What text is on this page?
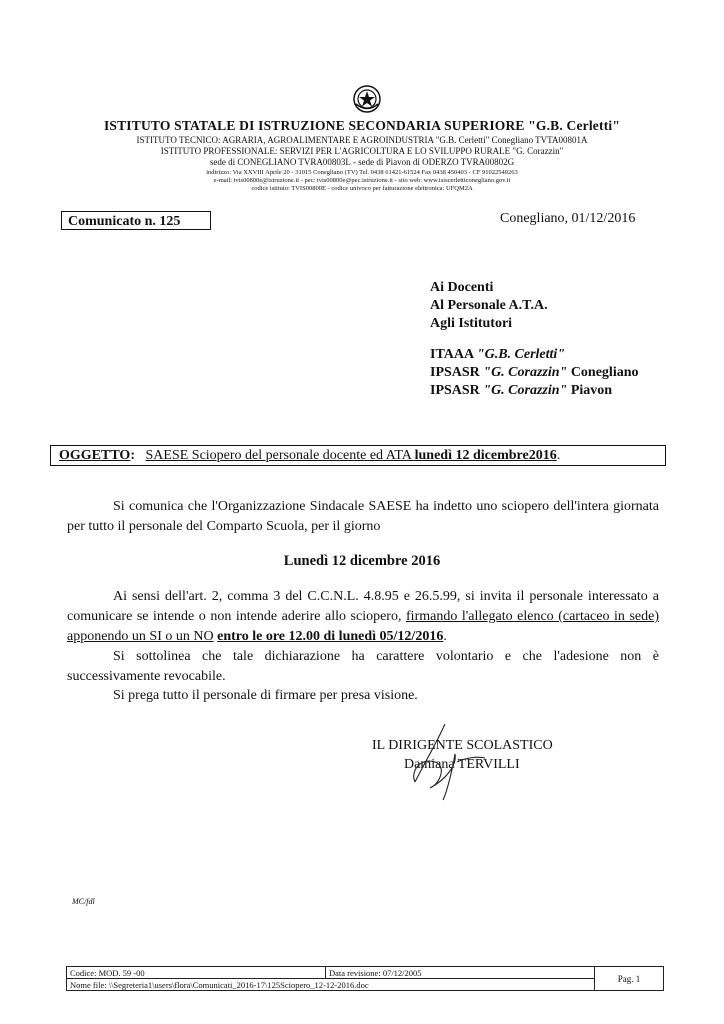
ISTITUTO STATALE DI ISTRUZIONE SECONDARIA SUPERIORE "G.B. Cerletti"
ISTITUTO TECNICO: AGRARIA, AGROALIMENTARE E AGROINDUSTRIA "G.B. Cerletti" Conegliano TVTA00801A
ISTITUTO PROFESSIONALE: SERVIZI PER L'AGRICOLTURA E LO SVILUPPO RURALE "G. Corazzin"
sede di CONEGLIANO TVRA00803L - sede di Piavon di ODERZO TVRA00802G
indirizzo: Via XXVIII Aprile 20 - 31015 Conegliano (TV) Tel. 0438 61421-61524 Fax 0438 450403 - CF 91022540263
e-mail: tvis00800e@istruzione.it - pec: tvis00800e@pec.istruzione.it - sito web: www.isiscerletticonegliano.gov.it
codice istituto: TVIS00800E - codice univoco per fatturazione elettronica: UFQM2A
Comunicato n. 125	Conegliano, 01/12/2016
Ai Docenti
Al Personale A.T.A.
Agli Istitutori
ITAAA "G.B. Cerletti"
IPSASR "G. Corazzin" Conegliano
IPSASR "G. Corazzin" Piavon
OGGETTO: SAESE Sciopero del personale docente ed ATA lunedì 12 dicembre2016.
Si comunica che l'Organizzazione Sindacale SAESE ha indetto uno sciopero dell'intera giornata per tutto il personale del Comparto Scuola, per il giorno
Lunedì 12 dicembre 2016
Ai sensi dell'art. 2, comma 3 del C.C.N.L. 4.8.95 e 26.5.99, si invita il personale interessato a comunicare se intende o non intende aderire allo sciopero, firmando l'allegato elenco (cartaceo in sede) apponendo un SI o un NO entro le ore 12.00 di lunedì 05/12/2016.
Si sottolinea che tale dichiarazione ha carattere volontario e che l'adesione non è successivamente revocabile.
Si prega tutto il personale di firmare per presa visione.
IL DIRIGENTE SCOLASTICO
Damiana TERVILLI
MC/fdl
Codice: MOD. 59 -00	Data revisione: 07/12/2005	Pag. 1
Nome file: \\Segreteria1\users\flora\Comunicati_2016-17\125Sciopero_12-12-2016.doc
